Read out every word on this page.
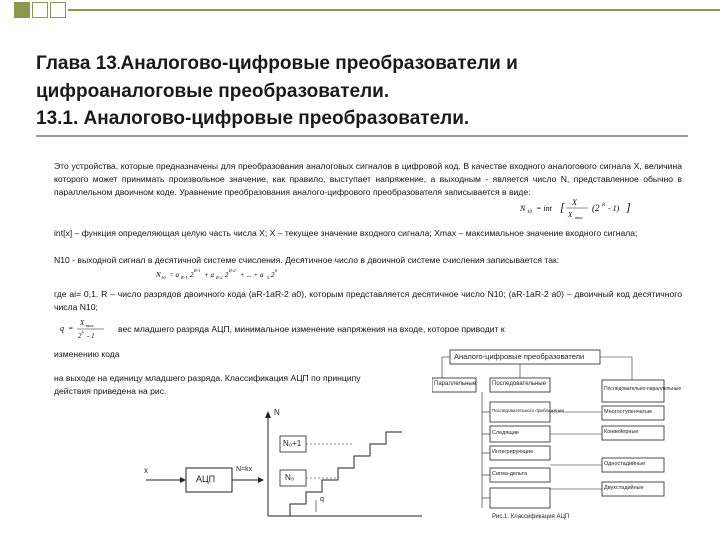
Глава 13.Аналогово-цифровые преобразователи и цифроаналоговые преобразователи.
13.1. Аналогово-цифровые преобразователи.
Это устройства, которые предназначены для преобразования аналоговых сигналов в цифровой код. В качестве входного аналогового сигнала X, величина которого может принимать произвольное значение, как правило, выступает напряжение, а выходным - является число N, представленное обычно в параллельном двоичном коде. Уравнение преобразования аналого-цифрового преобразователя записывается в виде:
N 10 = int [ X
X max
(2 R - 1) ]
int[x] – функция определяющая целую часть числа X; X – текущее значение входного сигнала; Xmax – максимальное значение входного сигнала;
N10 - выходной сигнал в десятичной системе счисления. Десятичное число в двоичной системе счисления записывается так:
N 10 = a R-1 2
R-1
+ a R-2 2
R-2
+ ... + a 0 2
0
где ai= 0,1. R – число разрядов двоичного кода (aR-1aR-2 a0), которым представляется десятичное число N10; (aR-1aR-2 a0) – двоичный код десятичного числа N10;
q =
X max
2 k - 1
вес младшего разряда АЦП, минимальное изменение напряжения на входе, которое приводит к
изменению кода
на выходе на единицу младшего разряда. Классификация АЦП по принципу действия приведена на рис.
x
АЦП
N=kx
N
N₀+1
N₀
q
Аналого-цифровые преобразователи
Параллельные	Последовательные
Последовательно-параллельные
Многоступенчатые
Конвейерные
Одностадийные
Двухстадийные
Последовательного приближения
Следящие
Интегрирующие
Сигма-дельта
Рис.1. Классификация АЦП
